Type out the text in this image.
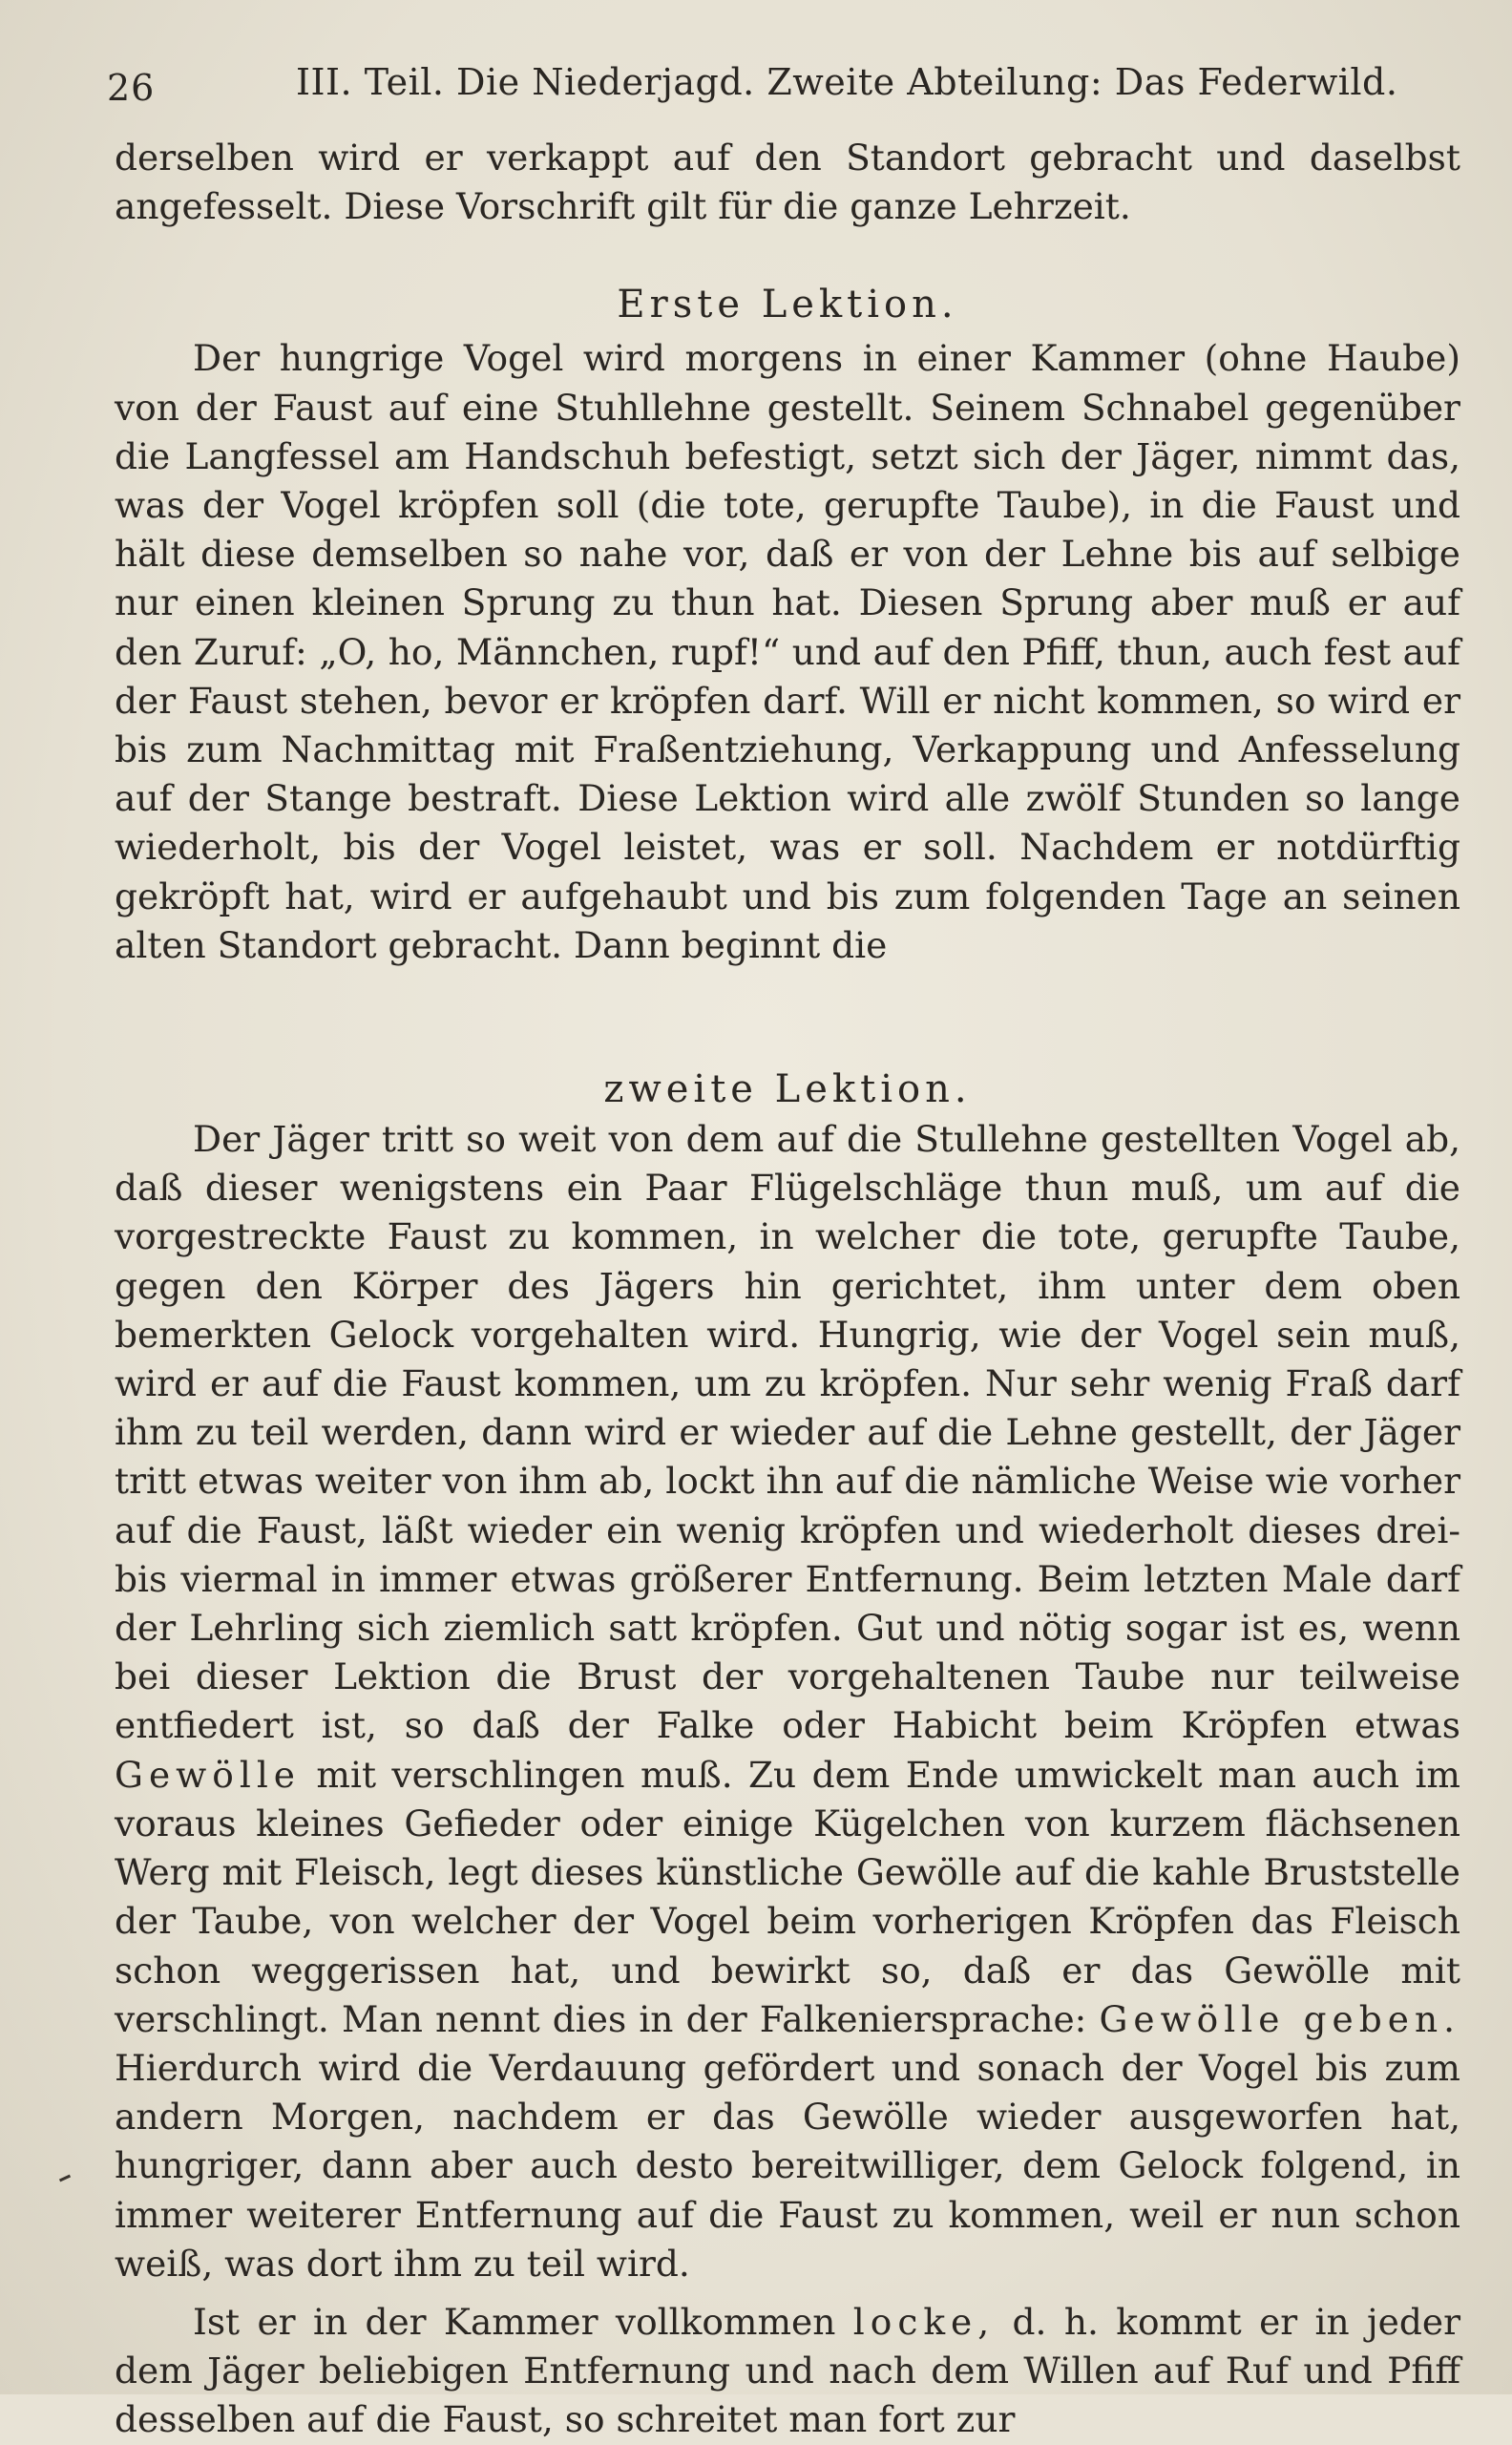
26	III. Teil. Die Niederjagd. Zweite Abteilung: Das Federwild.

derselben wird er verkappt auf den Standort gebracht und daselbst angefesselt. Diese Vorschrift gilt für die ganze Lehrzeit.

Erste Lektion.

Der hungrige Vogel wird morgens in einer Kammer (ohne Haube) von der Faust auf eine Stuhllehne gestellt. Seinem Schnabel gegenüber die Langfessel am Handschuh befestigt, setzt sich der Jäger, nimmt das, was der Vogel kröpfen soll (die tote, gerupfte Taube), in die Faust und hält diese demselben so nahe vor, daß er von der Lehne bis auf selbige nur einen kleinen Sprung zu thun hat. Diesen Sprung aber muß er auf den Zuruf: „O, ho, Männchen, rupf!“ und auf den Pfiff, thun, auch fest auf der Faust stehen, bevor er kröpfen darf. Will er nicht kommen, so wird er bis zum Nachmittag mit Fraßentziehung, Verkappung und Anfesselung auf der Stange bestraft. Diese Lektion wird alle zwölf Stunden so lange wiederholt, bis der Vogel leistet, was er soll. Nachdem er notdürftig gekröpft hat, wird er aufgehaubt und bis zum folgenden Tage an seinen alten Standort gebracht. Dann beginnt die

zweite Lektion.

Der Jäger tritt so weit von dem auf die Stullehne gestellten Vogel ab, daß dieser wenigstens ein Paar Flügelschläge thun muß, um auf die vorgestreckte Faust zu kommen, in welcher die tote, gerupfte Taube, gegen den Körper des Jägers hin gerichtet, ihm unter dem oben bemerkten Gelock vorgehalten wird. Hungrig, wie der Vogel sein muß, wird er auf die Faust kommen, um zu kröpfen. Nur sehr wenig Fraß darf ihm zu teil werden, dann wird er wieder auf die Lehne gestellt, der Jäger tritt etwas weiter von ihm ab, lockt ihn auf die nämliche Weise wie vorher auf die Faust, läßt wieder ein wenig kröpfen und wiederholt dieses drei- bis viermal in immer etwas größerer Entfernung. Beim letzten Male darf der Lehrling sich ziemlich satt kröpfen. Gut und nötig sogar ist es, wenn bei dieser Lektion die Brust der vorgehaltenen Taube nur teilweise entfiedert ist, so daß der Falke oder Habicht beim Kröpfen etwas Gewölle mit verschlingen muß. Zu dem Ende umwickelt man auch im voraus kleines Gefieder oder einige Kügelchen von kurzem flächsenen Werg mit Fleisch, legt dieses künstliche Gewölle auf die kahle Bruststelle der Taube, von welcher der Vogel beim vorherigen Kröpfen das Fleisch schon weggerissen hat, und bewirkt so, daß er das Gewölle mit verschlingt. Man nennt dies in der Falkeniersprache: Gewölle geben. Hierdurch wird die Verdauung gefördert und sonach der Vogel bis zum andern Morgen, nachdem er das Gewölle wieder ausgeworfen hat, hungriger, dann aber auch desto bereitwilliger, dem Gelock folgend, in immer weiterer Entfernung auf die Faust zu kommen, weil er nun schon weiß, was dort ihm zu teil wird.

Ist er in der Kammer vollkommen locke, d. h. kommt er in jeder dem Jäger beliebigen Entfernung und nach dem Willen auf Ruf und Pfiff desselben auf die Faust, so schreitet man fort zur
